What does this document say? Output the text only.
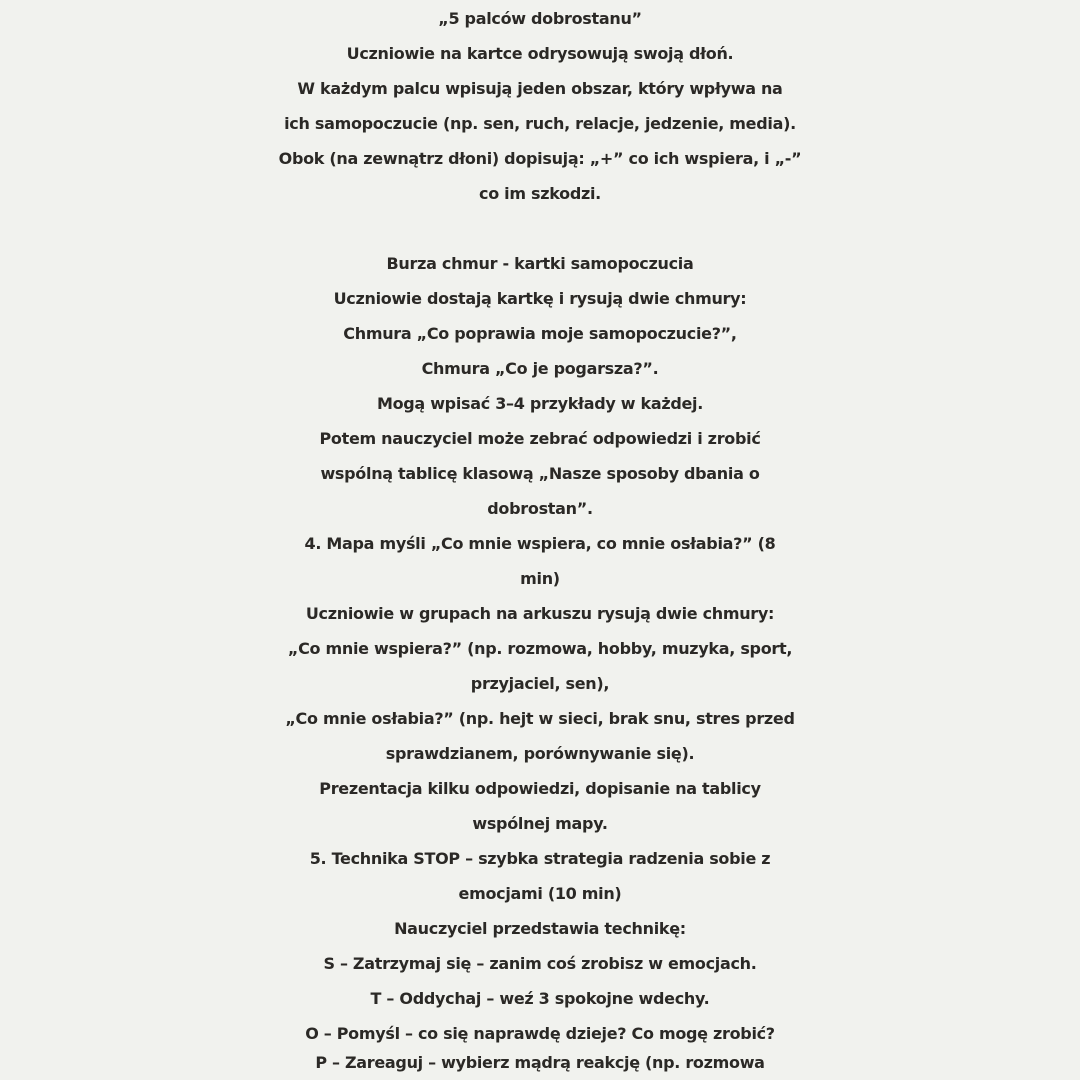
„5 palców dobrostanu”
Uczniowie na kartce odrysowują swoją dłoń.
W każdym palcu wpisują jeden obszar, który wpływa na
ich samopoczucie (np. sen, ruch, relacje, jedzenie, media).
Obok (na zewnątrz dłoni) dopisują: „+” co ich wspiera, i „-”
co im szkodzi.
Burza chmur - kartki samopoczucia
Uczniowie dostają kartkę i rysują dwie chmury:
Chmura „Co poprawia moje samopoczucie?”,
Chmura „Co je pogarsza?”.
Mogą wpisać 3–4 przykłady w każdej.
Potem nauczyciel może zebrać odpowiedzi i zrobić
wspólną tablicę klasową „Nasze sposoby dbania o
dobrostan”.
4. Mapa myśli „Co mnie wspiera, co mnie osłabia?” (8
min)
Uczniowie w grupach na arkuszu rysują dwie chmury:
„Co mnie wspiera?” (np. rozmowa, hobby, muzyka, sport,
przyjaciel, sen),
„Co mnie osłabia?” (np. hejt w sieci, brak snu, stres przed
sprawdzianem, porównywanie się).
Prezentacja kilku odpowiedzi, dopisanie na tablicy
wspólnej mapy.
5. Technika STOP – szybka strategia radzenia sobie z
emocjami (10 min)
Nauczyciel przedstawia technikę:
S – Zatrzymaj się – zanim coś zrobisz w emocjach.
T – Oddychaj – weź 3 spokojne wdechy.
O – Pomyśl – co się naprawdę dzieje? Co mogę zrobić?
P – Zareaguj – wybierz mądrą reakcję (np. rozmowa
